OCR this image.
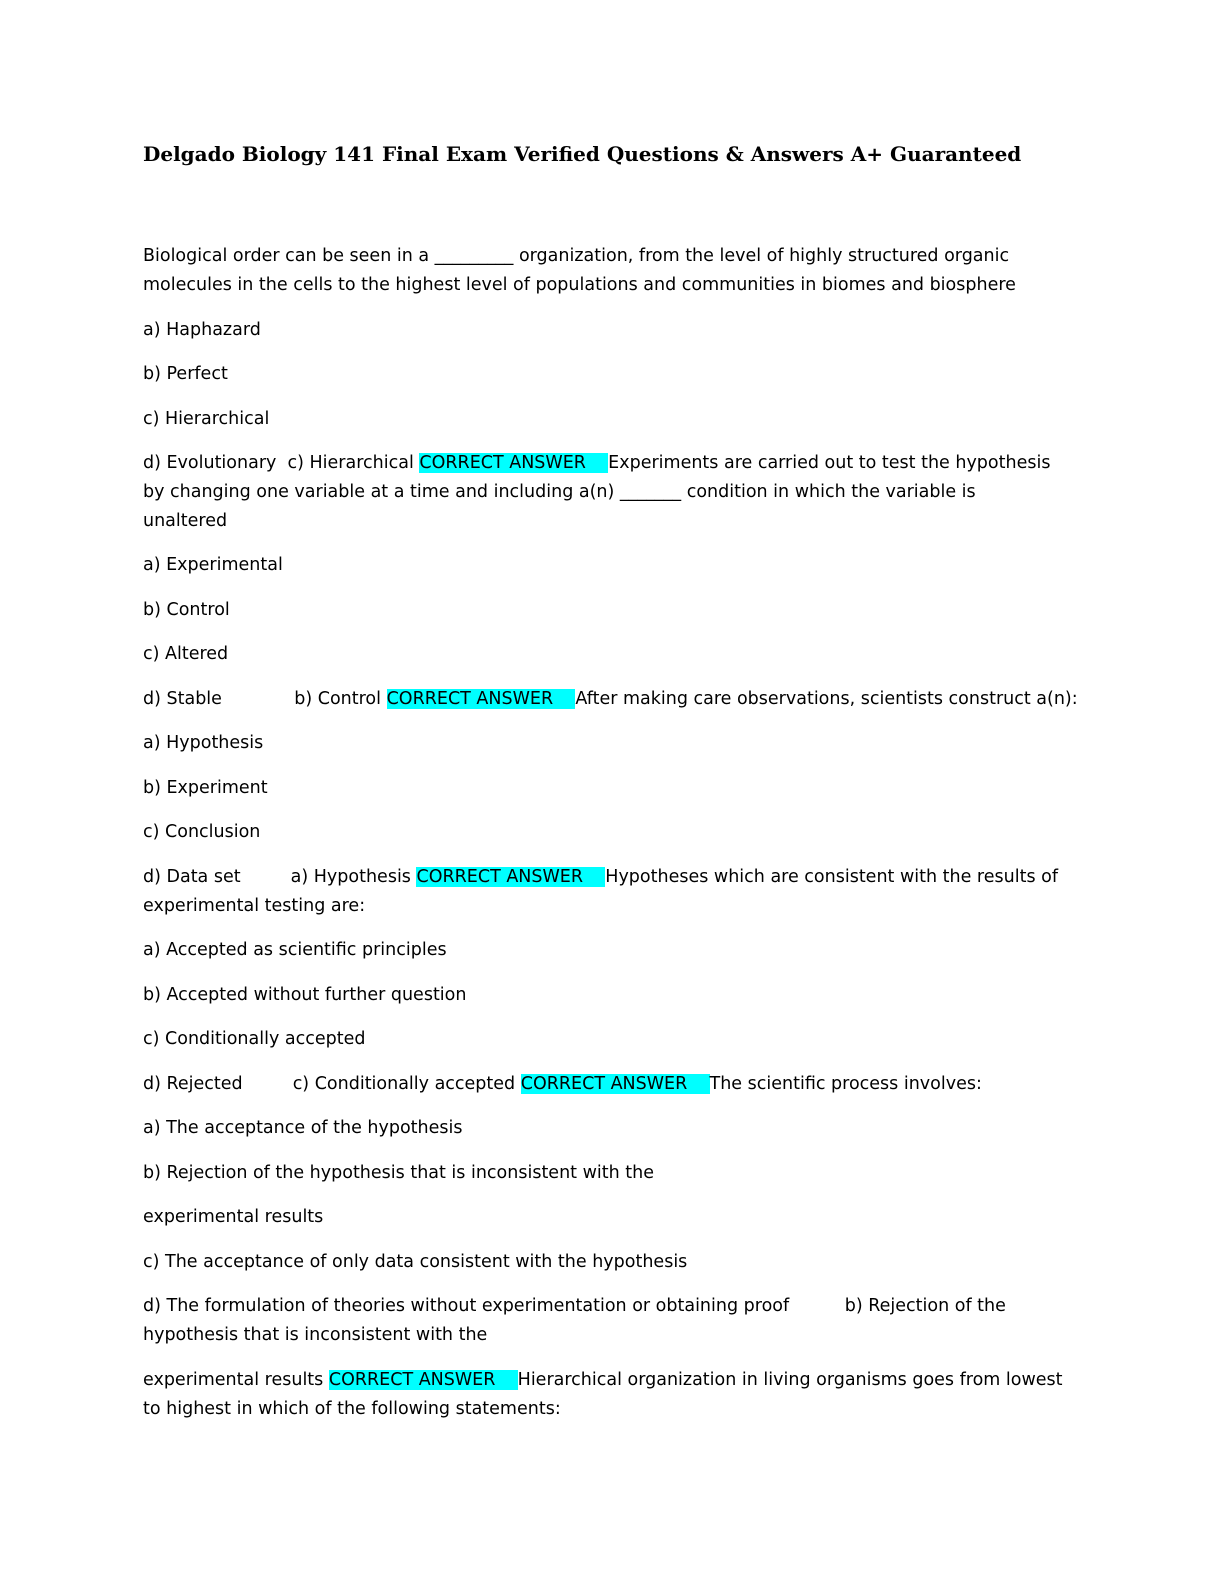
Delgado Biology 141 Final Exam Verified Questions & Answers A+ Guaranteed
Biological order can be seen in a _________ organization, from the level of highly structured organic
molecules in the cells to the highest level of populations and communities in biomes and biosphere
a) Haphazard
b) Perfect
c) Hierarchical
d) Evolutionary  c) Hierarchical CORRECT ANSWER    Experiments are carried out to test the hypothesis
by changing one variable at a time and including a(n) _______ condition in which the variable is
unaltered
a) Experimental
b) Control
c) Altered
d) Stable             b) Control CORRECT ANSWER    After making care observations, scientists construct a(n):
a) Hypothesis
b) Experiment
c) Conclusion
d) Data set         a) Hypothesis CORRECT ANSWER    Hypotheses which are consistent with the results of
experimental testing are:
a) Accepted as scientific principles
b) Accepted without further question
c) Conditionally accepted
d) Rejected         c) Conditionally accepted CORRECT ANSWER    The scientific process involves:
a) The acceptance of the hypothesis
b) Rejection of the hypothesis that is inconsistent with the
experimental results
c) The acceptance of only data consistent with the hypothesis
d) The formulation of theories without experimentation or obtaining proof          b) Rejection of the
hypothesis that is inconsistent with the
experimental results CORRECT ANSWER    Hierarchical organization in living organisms goes from lowest
to highest in which of the following statements:
